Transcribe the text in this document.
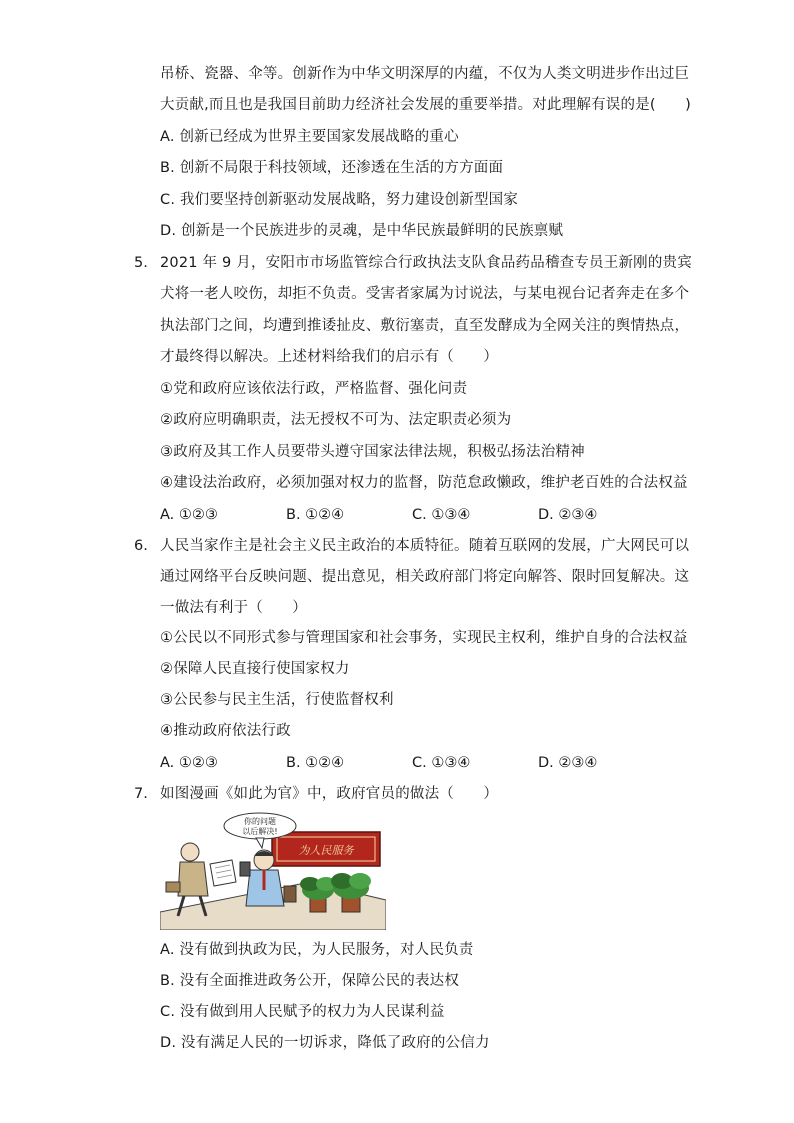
吊桥、瓷器、伞等。创新作为中华文明深厚的内蕴，不仅为人类文明进步作出过巨
大贡献,而且也是我国目前助力经济社会发展的重要举措。对此理解有误的是(　　)
A. 创新已经成为世界主要国家发展战略的重心
B. 创新不局限于科技领域，还渗透在生活的方方面面
C. 我们要坚持创新驱动发展战略，努力建设创新型国家
D. 创新是一个民族进步的灵魂，是中华民族最鲜明的民族禀赋
5. 2021 年 9 月，安阳市市场监管综合行政执法支队食品药品稽查专员王新刚的贵宾
犬将一老人咬伤，却拒不负责。受害者家属为讨说法，与某电视台记者奔走在多个
执法部门之间，均遭到推诿扯皮、敷衍塞责，直至发酵成为全网关注的舆情热点，
才最终得以解决。上述材料给我们的启示有（　　）
①党和政府应该依法行政，严格监督、强化问责
②政府应明确职责，法无授权不可为、法定职责必须为
③政府及其工作人员要带头遵守国家法律法规，积极弘扬法治精神
④建设法治政府，必须加强对权力的监督，防范怠政懒政，维护老百姓的合法权益
A. ①②③	B. ①②④	C. ①③④	D. ②③④
6. 人民当家作主是社会主义民主政治的本质特征。随着互联网的发展，广大网民可以
通过网络平台反映问题、提出意见，相关政府部门将定向解答、限时回复解决。这
一做法有利于（　　）
①公民以不同形式参与管理国家和社会事务，实现民主权利，维护自身的合法权益
②保障人民直接行使国家权力
③公民参与民主生活，行使监督权利
④推动政府依法行政
A. ①②③	B. ①②④	C. ①③④	D. ②③④
7. 如图漫画《如此为官》中，政府官员的做法（　　）
为人民服务
你的问题
以后解决!
A. 没有做到执政为民，为人民服务，对人民负责
B. 没有全面推进政务公开，保障公民的表达权
C. 没有做到用人民赋予的权力为人民谋利益
D. 没有满足人民的一切诉求，降低了政府的公信力
